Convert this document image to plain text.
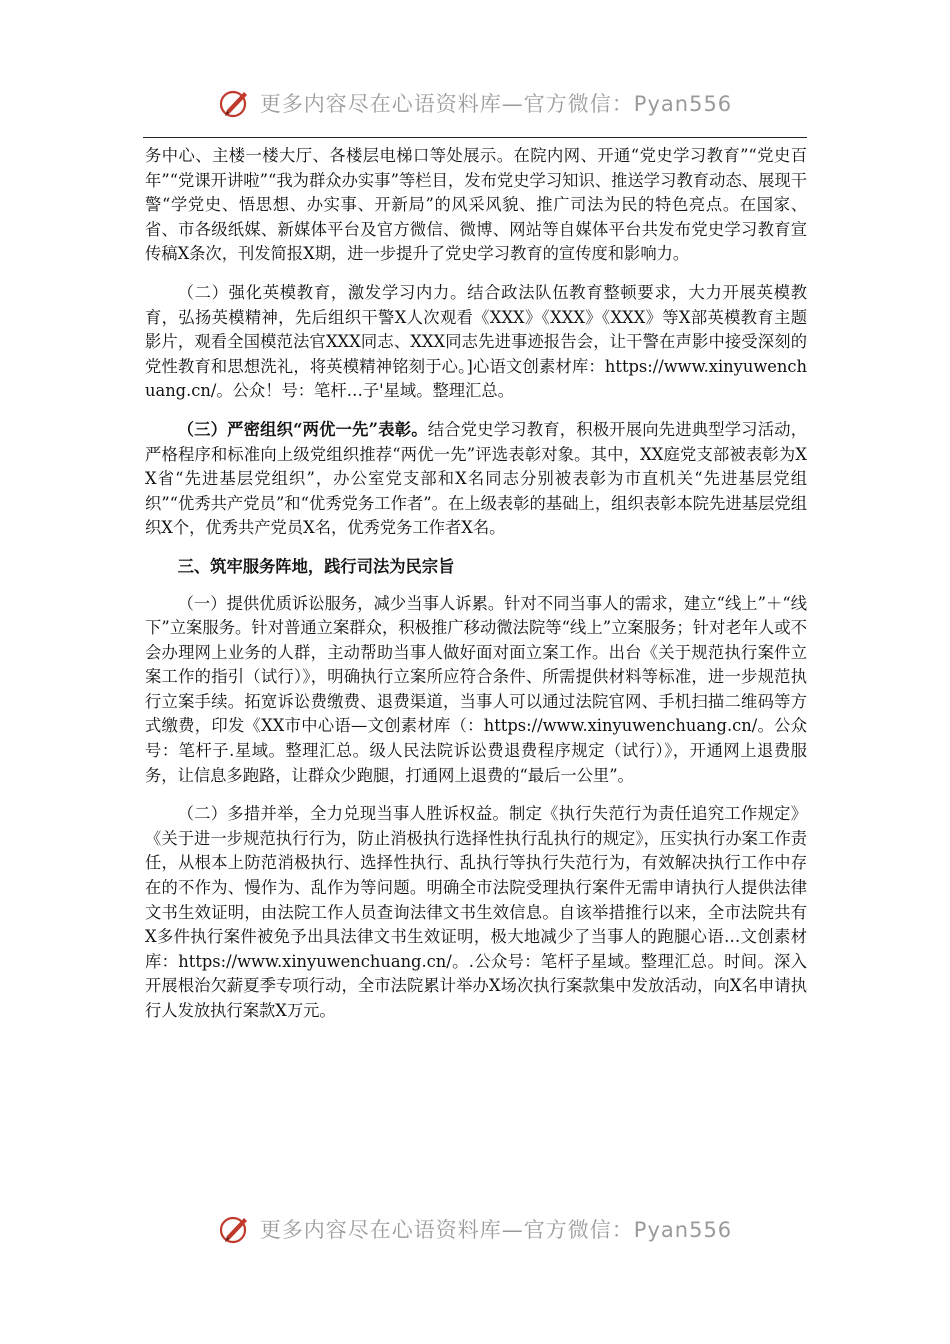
更多内容尽在心语资料库—官方微信：Pyan556

务中心、主楼一楼大厅、各楼层电梯口等处展示。在院内网、开通“党史学习教育”“党史百年”“党课开讲啦”“我为群众办实事”等栏目，发布党史学习知识、推送学习教育动态、展现干警“学党史、悟思想、办实事、开新局”的风采风貌、推广司法为民的特色亮点。在国家、省、市各级纸媒、新媒体平台及官方微信、微博、网站等自媒体平台共发布党史学习教育宣传稿X条次，刊发简报X期，进一步提升了党史学习教育的宣传度和影响力。

（二）强化英模教育，激发学习内力。结合政法队伍教育整顿要求，大力开展英模教育，弘扬英模精神，先后组织干警X人次观看《XXX》《XXX》《XXX》等X部英模教育主题影片，观看全国模范法官XXX同志、XXX同志先进事迹报告会，让干警在声影中接受深刻的党性教育和思想洗礼，将英模精神铭刻于心。]心语文创素材库：https://www.xinyuwenchuang.cn/。公众！号：笔杆…子'星域。整理汇总。

（三）严密组织“两优一先”表彰。结合党史学习教育，积极开展向先进典型学习活动，严格程序和标准向上级党组织推荐“两优一先”评选表彰对象。其中，XX庭党支部被表彰为XX省“先进基层党组织”，办公室党支部和X名同志分别被表彰为市直机关“先进基层党组织”“优秀共产党员”和“优秀党务工作者”。在上级表彰的基础上，组织表彰本院先进基层党组织X个，优秀共产党员X名，优秀党务工作者X名。

三、筑牢服务阵地，践行司法为民宗旨

（一）提供优质诉讼服务，减少当事人诉累。针对不同当事人的需求，建立“线上”＋“线下”立案服务。针对普通立案群众，积极推广移动微法院等“线上”立案服务；针对老年人或不会办理网上业务的人群，主动帮助当事人做好面对面立案工作。出台《关于规范执行案件立案工作的指引（试行）》，明确执行立案所应符合条件、所需提供材料等标准，进一步规范执行立案手续。拓宽诉讼费缴费、退费渠道，当事人可以通过法院官网、手机扫描二维码等方式缴费，印发《XX市中心语—文创素材库（：https://www.xinyuwenchuang.cn/。公众号：笔杆子.星域。整理汇总。级人民法院诉讼费退费程序规定（试行）》，开通网上退费服务，让信息多跑路，让群众少跑腿，打通网上退费的“最后一公里”。

（二）多措并举，全力兑现当事人胜诉权益。制定《执行失范行为责任追究工作规定》《关于进一步规范执行行为，防止消极执行选择性执行乱执行的规定》，压实执行办案工作责任，从根本上防范消极执行、选择性执行、乱执行等执行失范行为，有效解决执行工作中存在的不作为、慢作为、乱作为等问题。明确全市法院受理执行案件无需申请执行人提供法律文书生效证明，由法院工作人员查询法律文书生效信息。自该举措推行以来，全市法院共有X多件执行案件被免予出具法律文书生效证明，极大地减少了当事人的跑腿心语…文创素材库：https://www.xinyuwenchuang.cn/。.公众号：笔杆子星域。整理汇总。时间。深入开展根治欠薪夏季专项行动，全市法院累计举办X场次执行案款集中发放活动，向X名申请执行人发放执行案款X万元。

更多内容尽在心语资料库—官方微信：Pyan556
